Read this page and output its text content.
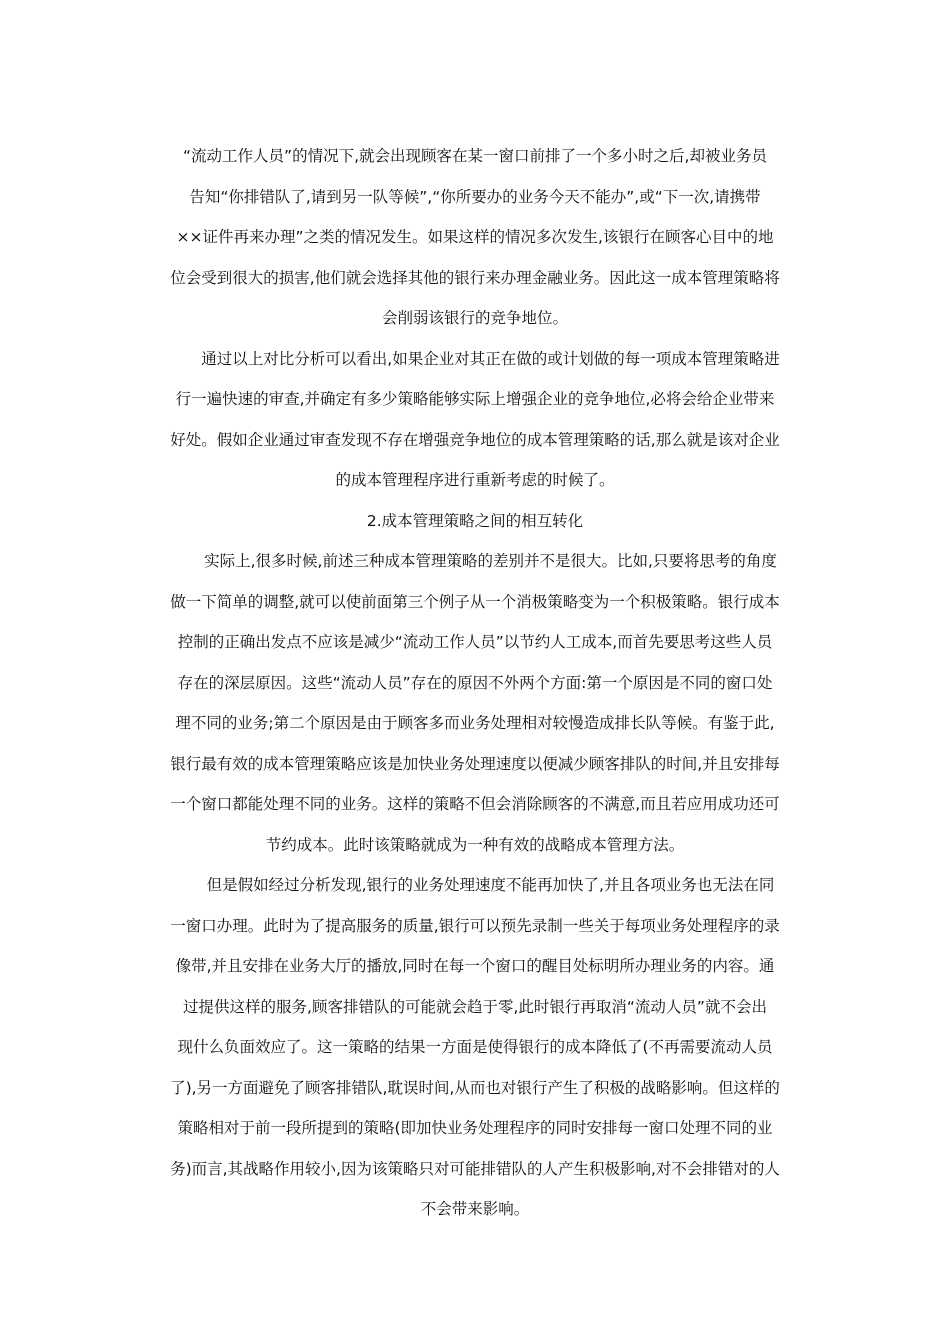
“流动工作人员”的情况下,就会出现顾客在某一窗口前排了一个多小时之后,却被业务员
告知“你排错队了,请到另一队等候”,“你所要办的业务今天不能办”,或“下一次,请携带
××证件再来办理”之类的情况发生。如果这样的情况多次发生,该银行在顾客心目中的地
位会受到很大的损害,他们就会选择其他的银行来办理金融业务。因此这一成本管理策略将
会削弱该银行的竞争地位。
通过以上对比分析可以看出,如果企业对其正在做的或计划做的每一项成本管理策略进
行一遍快速的审查,并确定有多少策略能够实际上增强企业的竞争地位,必将会给企业带来
好处。假如企业通过审查发现不存在增强竞争地位的成本管理策略的话,那么就是该对企业
的成本管理程序进行重新考虑的时候了。
2.成本管理策略之间的相互转化
实际上,很多时候,前述三种成本管理策略的差别并不是很大。比如,只要将思考的角度
做一下简单的调整,就可以使前面第三个例子从一个消极策略变为一个积极策略。银行成本
控制的正确出发点不应该是减少“流动工作人员”以节约人工成本,而首先要思考这些人员
存在的深层原因。这些“流动人员”存在的原因不外两个方面:第一个原因是不同的窗口处
理不同的业务;第二个原因是由于顾客多而业务处理相对较慢造成排长队等候。有鉴于此,
银行最有效的成本管理策略应该是加快业务处理速度以便减少顾客排队的时间,并且安排每
一个窗口都能处理不同的业务。这样的策略不但会消除顾客的不满意,而且若应用成功还可
节约成本。此时该策略就成为一种有效的战略成本管理方法。
但是假如经过分析发现,银行的业务处理速度不能再加快了,并且各项业务也无法在同
一窗口办理。此时为了提高服务的质量,银行可以预先录制一些关于每项业务处理程序的录
像带,并且安排在业务大厅的播放,同时在每一个窗口的醒目处标明所办理业务的内容。通
过提供这样的服务,顾客排错队的可能就会趋于零,此时银行再取消“流动人员”就不会出
现什么负面效应了。这一策略的结果一方面是使得银行的成本降低了(不再需要流动人员
了),另一方面避免了顾客排错队,耽误时间,从而也对银行产生了积极的战略影响。但这样的
策略相对于前一段所提到的策略(即加快业务处理程序的同时安排每一窗口处理不同的业
务)而言,其战略作用较小,因为该策略只对可能排错队的人产生积极影响,对不会排错对的人
不会带来影响。
